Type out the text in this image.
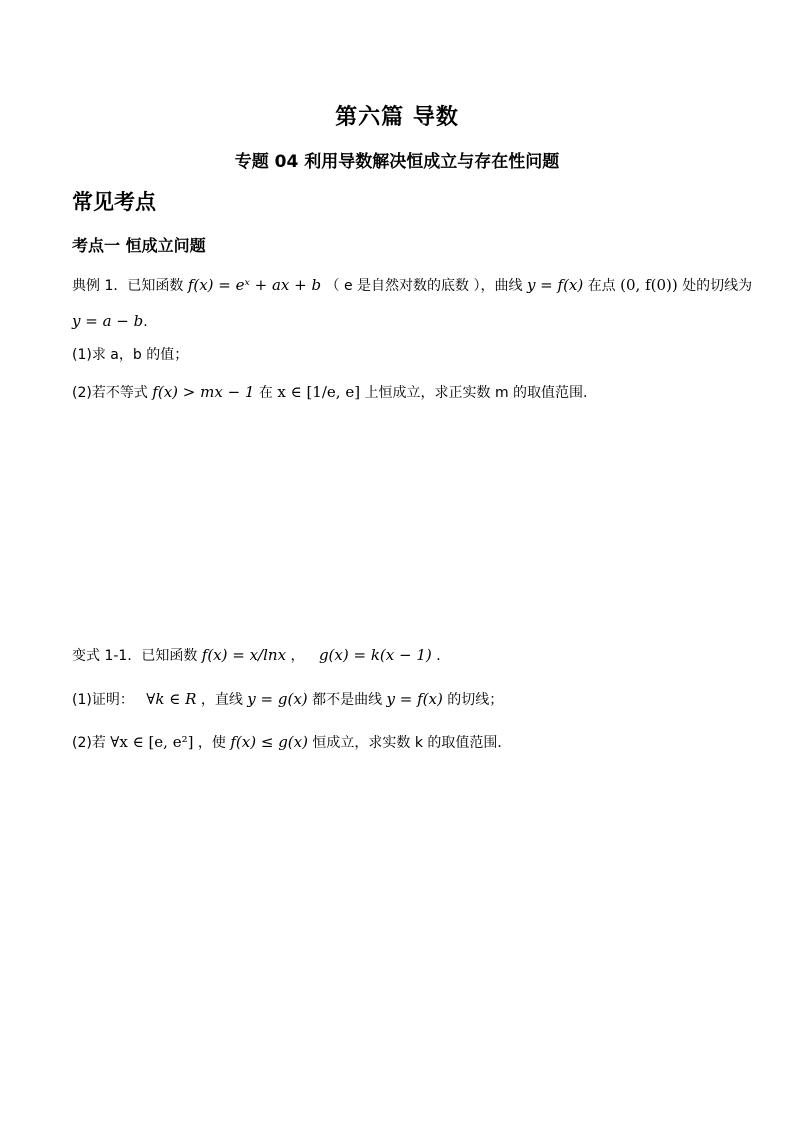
第六篇 导数
专题 04 利用导数解决恒成立与存在性问题
常见考点
考点一 恒成立问题
典例 1．已知函数 f(x) = eˣ + ax + b （ e 是自然对数的底数 ），曲线 y = f(x) 在点 (0, f(0)) 处的切线为
y = a − b.
(1)求 a，b 的值；
(2)若不等式 f(x) > mx − 1 在 x ∈ [1/e, e] 上恒成立，求正实数 m 的取值范围.
变式 1-1．已知函数 f(x) = x/lnx ， g(x) = k(x − 1) ．
(1)证明： ∀k ∈ R ，直线 y = g(x) 都不是曲线 y = f(x) 的切线；
(2)若 ∀x ∈ [e, e²] ，使 f(x) ≤ g(x) 恒成立，求实数 k 的取值范围．
